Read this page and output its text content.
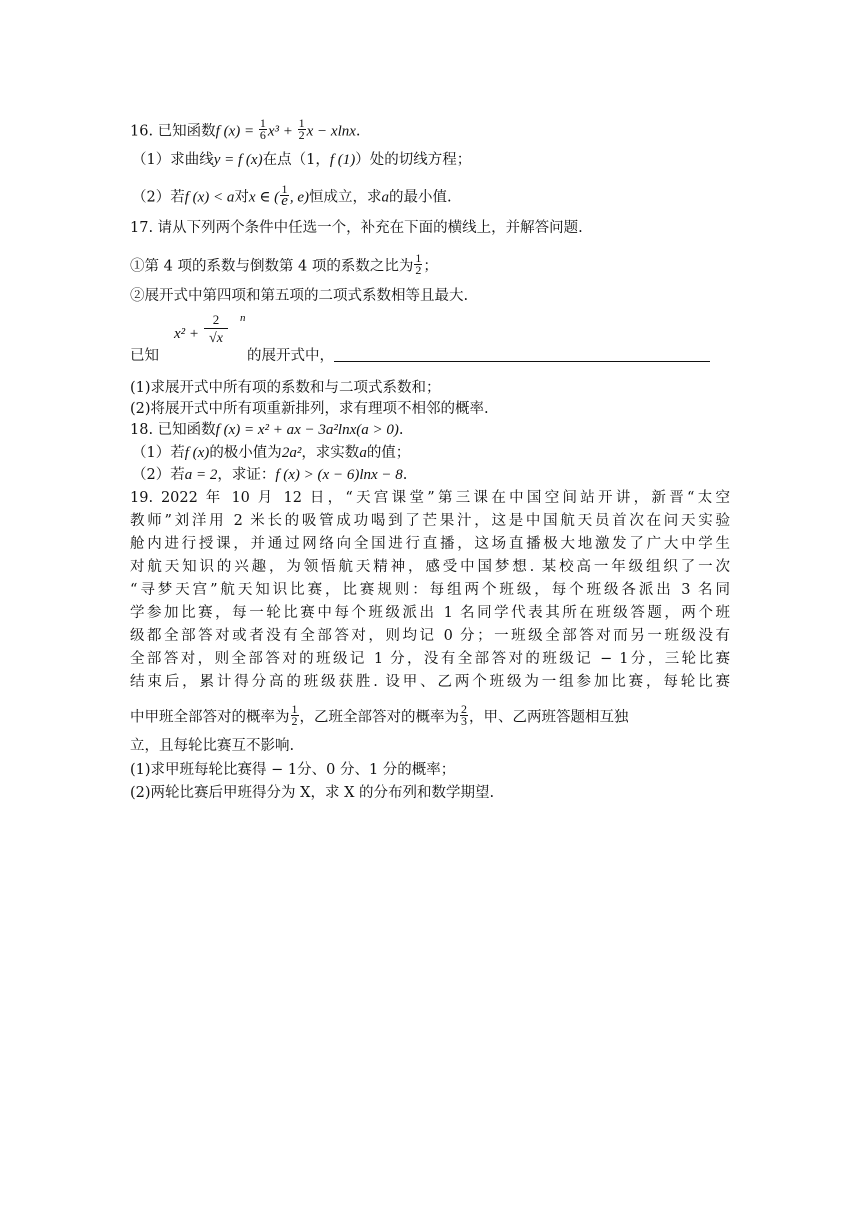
16. 已知函数f $(x) = \frac{1}{6} x^3 + \frac{1}{2}$ x − xlnx.
（1）求曲线y = f (x)在点（1，f (1)）处的切线方程；
（2）若f (x) < a对x ∈ ( $\frac{1}{e}$ , e)恒成立，求a的最小值.
17. 请从下列两个条件中任选一个，补充在下面的横线上，并解答问题.
①第 4 项的系数与倒数第 4 项的系数之比为 $\frac{1}{2}$ ；
②展开式中第四项和第五项的二项式系数相等且最大.
x² +
2
√x
n
已知	的展开式中，
(1)求展开式中所有项的系数和与二项式系数和；
(2)将展开式中所有项重新排列，求有理项不相邻的概率.
18. 已知函数f (x) = x² + ax − 3a²lnx(a > 0).
（1）若f (x)的极小值为2a²，求实数a的值；
（2）若a = 2，求证：f (x) > (x − 6)lnx − 8.
19. 2022 年 10 月 12 日，“天宫课堂”第三课在中国空间站开讲，新晋“太空
教师”刘洋用 2 米长的吸管成功喝到了芒果汁，这是中国航天员首次在问天实验
舱内进行授课，并通过网络向全国进行直播，这场直播极大地激发了广大中学生
对航天知识的兴趣，为领悟航天精神，感受中国梦想. 某校高一年级组织了一次
“寻梦天宫”航天知识比赛，比赛规则：每组两个班级，每个班级各派出 3 名同
学参加比赛，每一轮比赛中每个班级派出 1 名同学代表其所在班级答题，两个班
级都全部答对或者没有全部答对，则均记 0 分；一班级全部答对而另一班级没有
全部答对，则全部答对的班级记 1 分，没有全部答对的班级记 − 1分，三轮比赛
结束后，累计得分高的班级获胜. 设甲、乙两个班级为一组参加比赛，每轮比赛
中甲班全部答对的概率为 $\frac{1}{2}$ ，乙班全部答对的概率为 $\frac{2}{3}$ ，甲、乙两班答题相互独
立，且每轮比赛互不影响.
(1)求甲班每轮比赛得 − 1分、0 分、1 分的概率；
(2)两轮比赛后甲班得分为 X，求 X 的分布列和数学期望.
